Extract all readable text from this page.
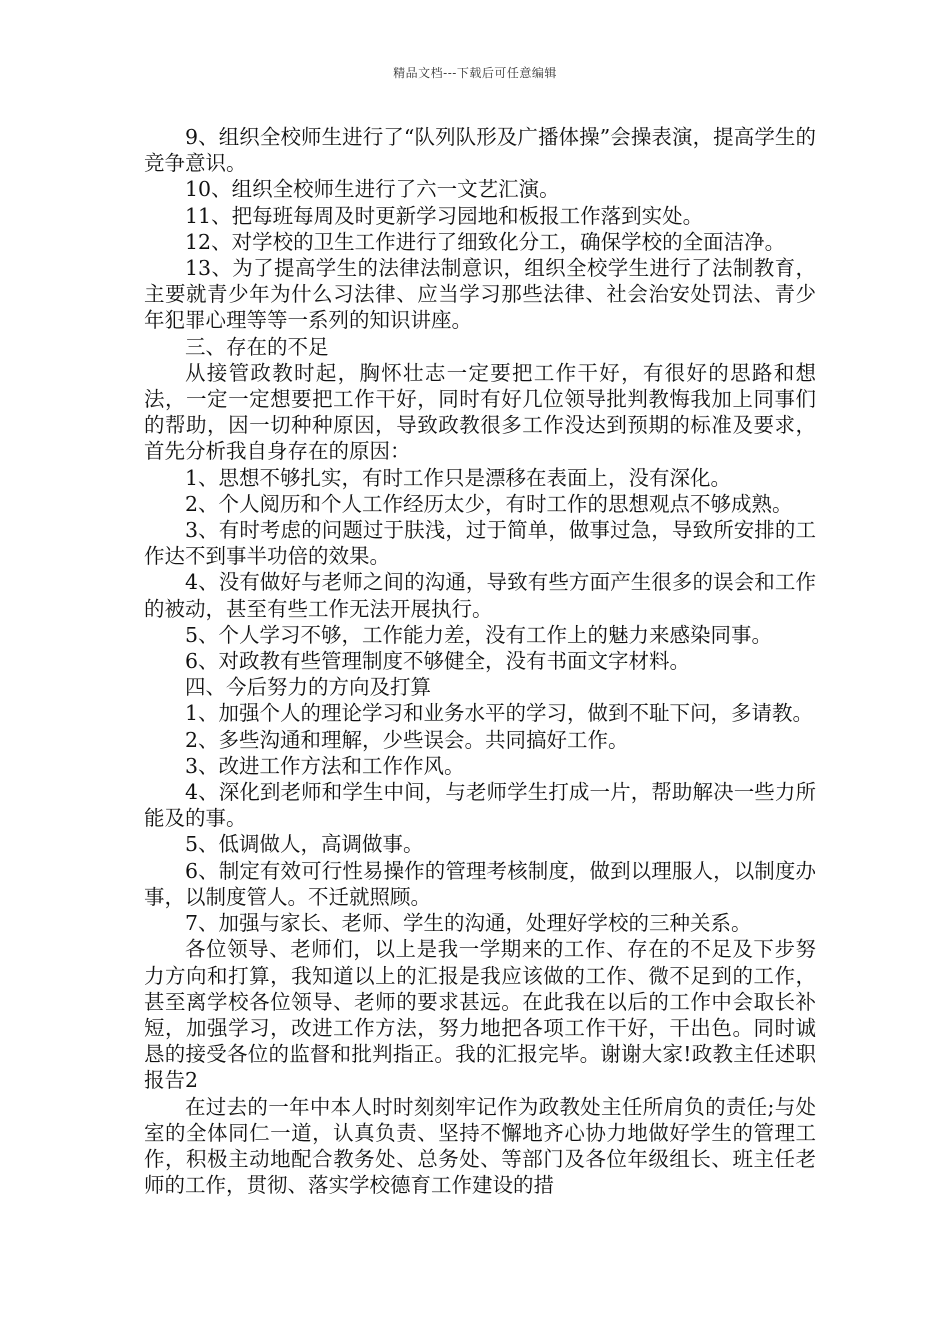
精品文档---下载后可任意编辑

9、组织全校师生进行了“队列队形及广播体操”会操表演，提高学生的竞争意识。

10、组织全校师生进行了六一文艺汇演。

11、把每班每周及时更新学习园地和板报工作落到实处。

12、对学校的卫生工作进行了细致化分工，确保学校的全面洁净。

13、为了提高学生的法律法制意识，组织全校学生进行了法制教育，主要就青少年为什么习法律、应当学习那些法律、社会治安处罚法、青少年犯罪心理等等一系列的知识讲座。

三、存在的不足

从接管政教时起，胸怀壮志一定要把工作干好，有很好的思路和想法，一定一定想要把工作干好，同时有好几位领导批判教悔我加上同事们的帮助，因一切种种原因，导致政教很多工作没达到预期的标准及要求，首先分析我自身存在的原因：

1、思想不够扎实，有时工作只是漂移在表面上，没有深化。

2、个人阅历和个人工作经历太少，有时工作的思想观点不够成熟。

3、有时考虑的问题过于肤浅，过于简单，做事过急，导致所安排的工作达不到事半功倍的效果。

4、没有做好与老师之间的沟通，导致有些方面产生很多的误会和工作的被动，甚至有些工作无法开展执行。

5、个人学习不够，工作能力差，没有工作上的魅力来感染同事。

6、对政教有些管理制度不够健全，没有书面文字材料。

四、今后努力的方向及打算

1、加强个人的理论学习和业务水平的学习，做到不耻下问，多请教。

2、多些沟通和理解，少些误会。共同搞好工作。

3、改进工作方法和工作作风。

4、深化到老师和学生中间，与老师学生打成一片，帮助解决一些力所能及的事。

5、低调做人，高调做事。

6、制定有效可行性易操作的管理考核制度，做到以理服人，以制度办事，以制度管人。不迁就照顾。

7、加强与家长、老师、学生的沟通，处理好学校的三种关系。

各位领导、老师们，以上是我一学期来的工作、存在的不足及下步努力方向和打算，我知道以上的汇报是我应该做的工作、微不足到的工作，甚至离学校各位领导、老师的要求甚远。在此我在以后的工作中会取长补短，加强学习，改进工作方法，努力地把各项工作干好，干出色。同时诚恳的接受各位的监督和批判指正。我的汇报完毕。谢谢大家!政教主任述职报告2

在过去的一年中本人时时刻刻牢记作为政教处主任所肩负的责任;与处室的全体同仁一道，认真负责、坚持不懈地齐心协力地做好学生的管理工作，积极主动地配合教务处、总务处、等部门及各位年级组长、班主任老师的工作，贯彻、落实学校德育工作建设的措
